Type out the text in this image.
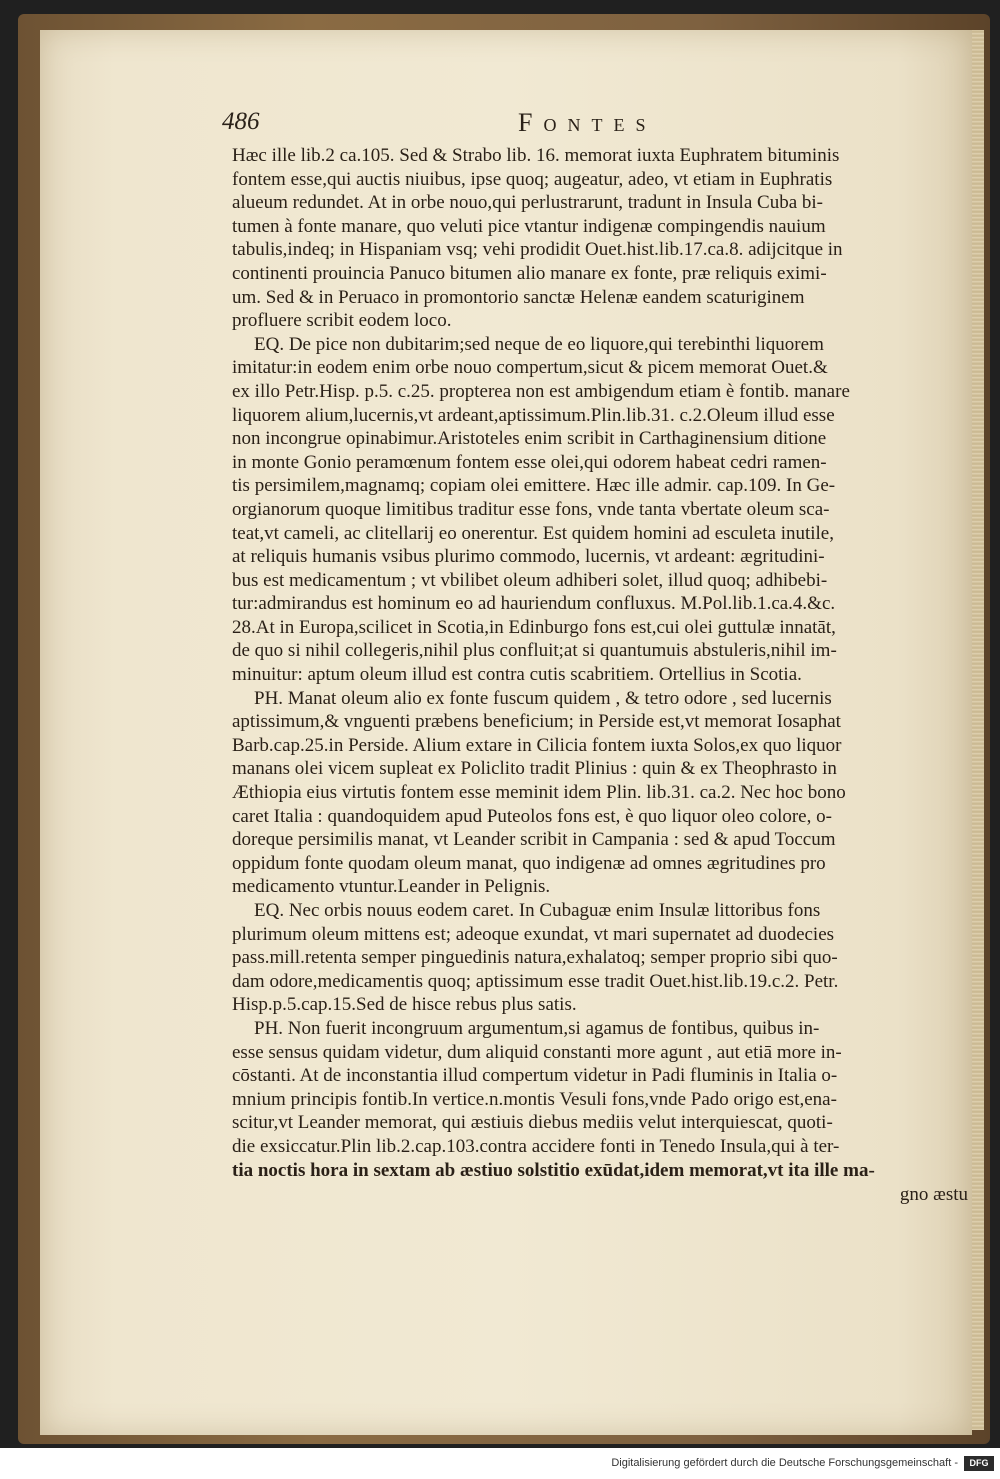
486	Fontes
Hæc ille lib.2 ca.105. Sed & Strabo lib. 16. memorat iuxta Euphratem bituminis
fontem esse,qui auctis niuibus, ipse quoq; augeatur, adeo, vt etiam in Euphratis
alueum redundet. At in orbe nouo,qui perlustrarunt, tradunt in Insula Cuba bi-
tumen à fonte manare, quo veluti pice vtantur indigenæ compingendis nauium
tabulis,indeq; in Hispaniam vsq; vehi prodidit Ouet.hist.lib.17.ca.8. adijcitque in
continenti prouincia Panuco bitumen alio manare ex fonte, præ reliquis eximi-
um. Sed & in Peruaco in promontorio sanctæ Helenæ eandem scaturiginem
profluere scribit eodem loco.
EQ. De pice non dubitarim;sed neque de eo liquore,qui terebinthi liquorem
imitatur:in eodem enim orbe nouo compertum,sicut & picem memorat Ouet.&
ex illo Petr.Hisp. p.5. c.25. propterea non est ambigendum etiam è fontib. manare
liquorem alium,lucernis,vt ardeant,aptissimum.Plin.lib.31. c.2.Oleum illud esse
non incongrue opinabimur.Aristoteles enim scribit in Carthaginensium ditione
in monte Gonio peramœnum fontem esse olei,qui odorem habeat cedri ramen-
tis persimilem,magnamq; copiam olei emittere. Hæc ille admir. cap.109. In Ge-
orgianorum quoque limitibus traditur esse fons, vnde tanta vbertate oleum sca-
teat,vt cameli, ac clitellarij eo onerentur. Est quidem homini ad esculeta inutile,
at reliquis humanis vsibus plurimo commodo, lucernis, vt ardeant: ægritudini-
bus est medicamentum ; vt vbilibet oleum adhiberi solet, illud quoq; adhibebi-
tur:admirandus est hominum eo ad hauriendum confluxus. M.Pol.lib.1.ca.4.&c.
28.At in Europa,scilicet in Scotia,in Edinburgo fons est,cui olei guttulæ innatāt,
de quo si nihil collegeris,nihil plus confluit;at si quantumuis abstuleris,nihil im-
minuitur: aptum oleum illud est contra cutis scabritiem. Ortellius in Scotia.
PH. Manat oleum alio ex fonte fuscum quidem , & tetro odore , sed lucernis
aptissimum,& vnguenti præbens beneficium; in Perside est,vt memorat Iosaphat
Barb.cap.25.in Perside. Alium extare in Cilicia fontem iuxta Solos,ex quo liquor
manans olei vicem supleat ex Policlito tradit Plinius : quin & ex Theophrasto in
Æthiopia eius virtutis fontem esse meminit idem Plin. lib.31. ca.2. Nec hoc bono
caret Italia : quandoquidem apud Puteolos fons est, è quo liquor oleo colore, o-
doreque persimilis manat, vt Leander scribit in Campania : sed & apud Toccum
oppidum fonte quodam oleum manat, quo indigenæ ad omnes ægritudines pro
medicamento vtuntur.Leander in Pelignis.
EQ. Nec orbis nouus eodem caret. In Cubaguæ enim Insulæ littoribus fons
plurimum oleum mittens est; adeoque exundat, vt mari supernatet ad duodecies
pass.mill.retenta semper pinguedinis natura,exhalatoq; semper proprio sibi quo-
dam odore,medicamentis quoq; aptissimum esse tradit Ouet.hist.lib.19.c.2. Petr.
Hisp.p.5.cap.15.Sed de hisce rebus plus satis.
PH. Non fuerit incongruum argumentum,si agamus de fontibus, quibus in-
esse sensus quidam videtur, dum aliquid constanti more agunt , aut etiā more in-
cōstanti. At de inconstantia illud compertum videtur in Padi fluminis in Italia o-
mnium principis fontib.In vertice.n.montis Vesuli fons,vnde Pado origo est,ena-
scitur,vt Leander memorat, qui æstiuis diebus mediis velut interquiescat, quoti-
die exsiccatur.Plin lib.2.cap.103.contra accidere fonti in Tenedo Insula,qui à ter-
tia noctis hora in sextam ab æstiuo solstitio exūdat,idem memorat,vt ita ille ma-
gno æstu
Digitalisierung gefördert durch die Deutsche Forschungsgemeinschaft -	DFG
